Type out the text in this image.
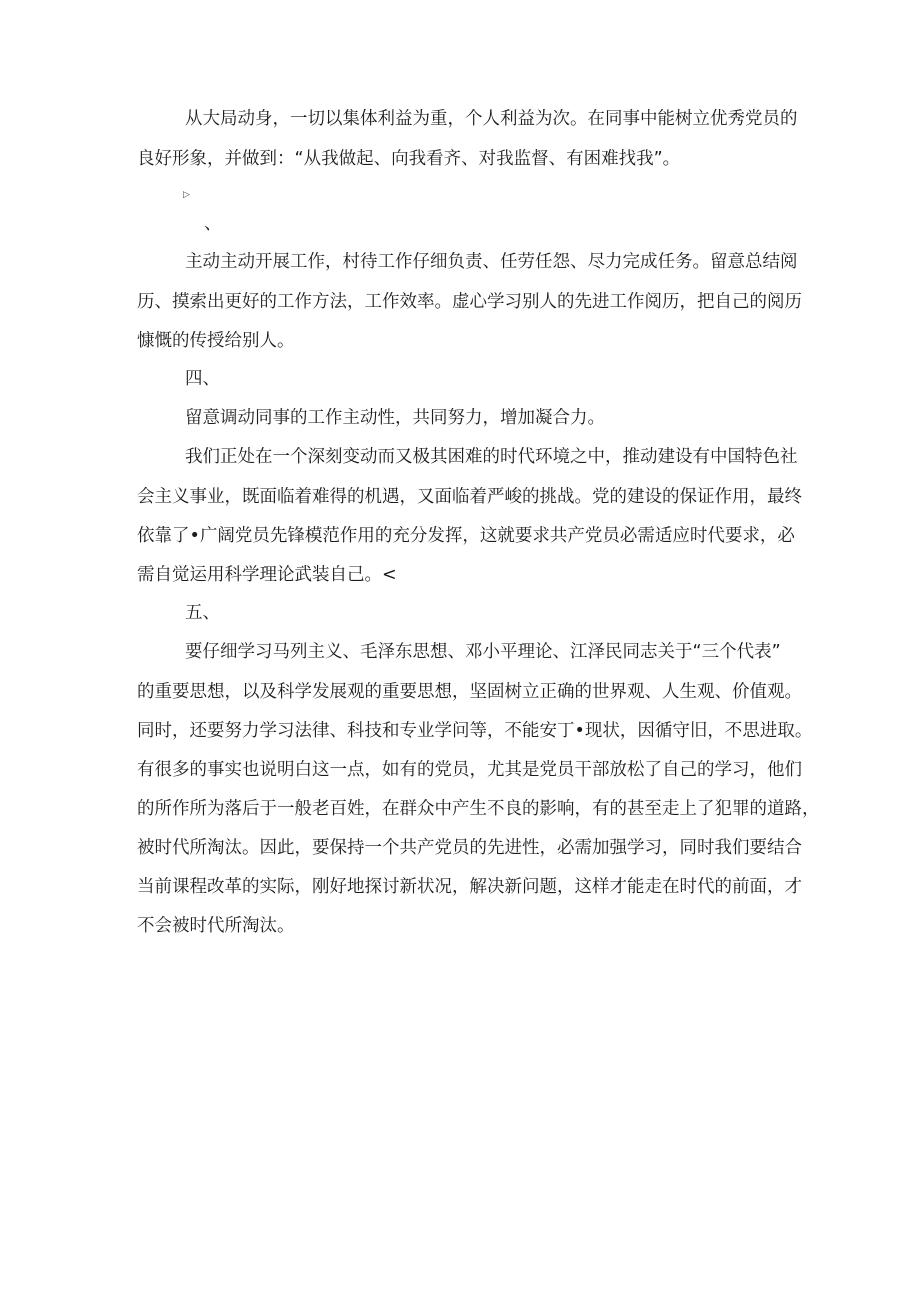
从大局动身，一切以集体利益为重，个人利益为次。在同事中能树立优秀党员的
良好形象，并做到：“从我做起、向我看齐、对我监督、有困难找我”。
▷
、
主动主动开展工作，村待工作仔细负责、任劳任怨、尽力完成任务。留意总结阅
历、摸索出更好的工作方法，工作效率。虚心学习别人的先进工作阅历，把自己的阅历
慷慨的传授给别人。
四、
留意调动同事的工作主动性，共同努力，增加凝合力。
我们正处在一个深刻变动而又极其困难的时代环境之中，推动建设有中国特色社
会主义事业，既面临着难得的机遇，又面临着严峻的挑战。党的建设的保证作用，最终
依靠了•广阔党员先锋模范作用的充分发挥，这就要求共产党员必需适应时代要求，必
需自觉运用科学理论武装自己。<
五、
要仔细学习马列主义、毛泽东思想、邓小平理论、江泽民同志关于“三个代表”
的重要思想，以及科学发展观的重要思想，坚固树立正确的世界观、人生观、价值观。
同时，还要努力学习法律、科技和专业学问等，不能安丁•现状，因循守旧，不思进取。
有很多的事实也说明白这一点，如有的党员，尤其是党员干部放松了自己的学习，他们
的所作所为落后于一般老百姓，在群众中产生不良的影响，有的甚至走上了犯罪的道路，
被时代所淘汰。因此，要保持一个共产党员的先进性，必需加强学习，同时我们要结合
当前课程改革的实际，刚好地探讨新状况，解决新问题，这样才能走在时代的前面，才
不会被时代所淘汰。
